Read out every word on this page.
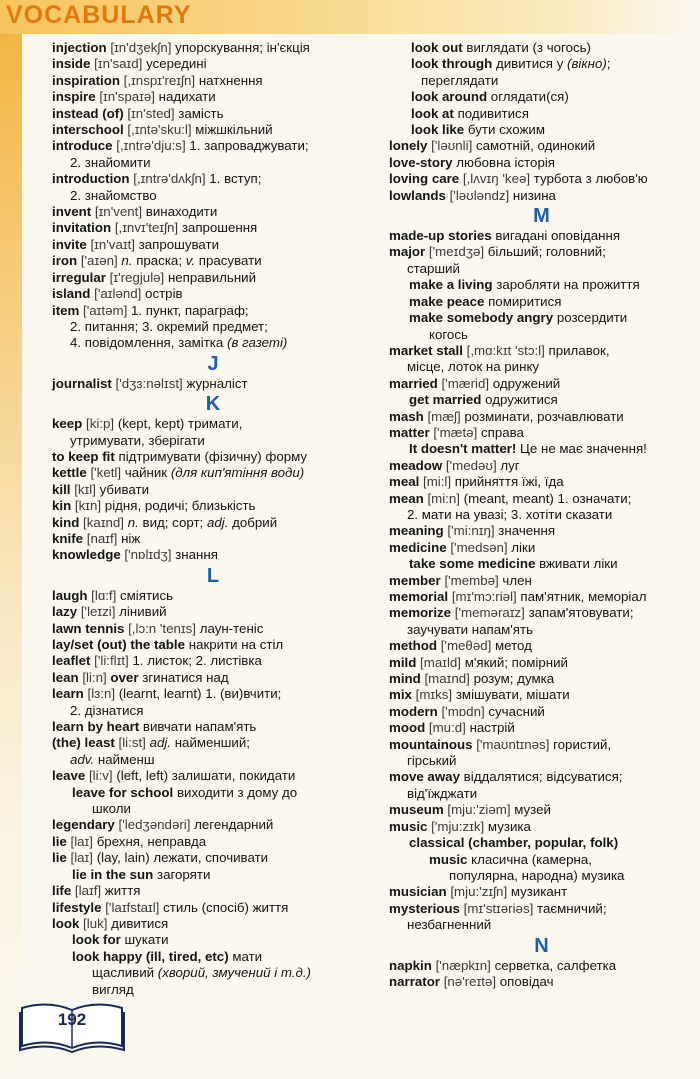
VOCABULARY
injection [ɪn'dʒekʃn] упорскування; ін'єкція
inside [ɪn'saɪd] усередині
inspiration [,ɪnspɪ'reɪʃn] натхнення
inspire [ɪn'spaɪə] надихати
instead (of) [ɪn'sted] замість
interschool [,ɪntə'sku:l] міжшкільний
introduce [,ɪntrə'dju:s] 1. запроваджувати;
2. знайомити
introduction [,ɪntrə'dʌkʃn] 1. вступ;
2. знайомство
invent [ɪn'vent] винаходити
invitation [,ɪnvɪ'teɪʃn] запрошення
invite [ɪn'vaɪt] запрошувати
iron ['aɪən] n. праска; v. прасувати
irregular [ɪ'regjulə] неправильний
island ['aɪlənd] острів
item ['aɪtəm] 1. пункт, параграф;
2. питання; 3. окремий предмет;
4. повідомлення, замітка (в газеті)
J
journalist ['dʒɜ:nəlɪst] журналіст
K
keep [ki:p] (kept, kept) тримати,
утримувати, зберігати
to keep fit підтримувати (фізичну) форму
kettle ['ketl] чайник (для кип'ятіння води)
kill [kɪl] убивати
kin [kɪn] рідня, родичі; близькість
kind [kaɪnd] n. вид; сорт; adj. добрий
knife [naɪf] ніж
knowledge ['nɒlɪdʒ] знання
L
laugh [lɑ:f] сміятись
lazy ['leɪzi] лінивий
lawn tennis [,lɔ:n 'tenɪs] лаун-теніс
lay/set (out) the table накрити на стіл
leaflet ['li:flɪt] 1. листок; 2. листівка
lean [li:n] over згинатися над
learn [lɜ:n] (learnt, learnt) 1. (ви)вчити;
2. дізнатися
learn by heart вивчати напам'ять
(the) least [li:st] adj. найменший;
adv. найменш
leave [li:v] (left, left) залишати, покидати
leave for school виходити з дому до
школи
legendary ['ledʒəndəri] легендарний
lie [laɪ] брехня, неправда
lie [laɪ] (lay, lain) лежати, спочивати
lie in the sun загоряти
life [laɪf] життя
lifestyle ['laɪfstaɪl] стиль (спосіб) життя
look [luk] дивитися
look for шукати
look happy (ill, tired, etc) мати
щасливий (хворий, змучений і т.д.)
вигляд
look out виглядати (з чогось)
look through дивитися у (вікно);
переглядати
look around оглядати(ся)
look at подивитися
look like бути схожим
lonely ['ləʊnli] самотній, одинокий
love-story любовна історія
loving care [,lʌvɪŋ 'keə] турбота з любов'ю
lowlands ['ləʊləndz] низина
M
made-up stories вигадані оповідання
major ['meɪdʒə] більший; головний;
старший
make a living заробляти на прожиття
make peace помиритися
make somebody angry розсердити
когось
market stall [,mɑ:kɪt 'stɔ:l] прилавок,
місце, лоток на ринку
married ['mærid] одружений
get married одружитися
mash [mæʃ] розминати, розчавлювати
matter ['mætə] справа
It doesn't matter! Це не має значення!
meadow ['medəʊ] луг
meal [mi:l] прийняття їжі, їда
mean [mi:n] (meant, meant) 1. означати;
2. мати на увазі; 3. хотіти сказати
meaning ['mi:nɪŋ] значення
medicine ['medsən] ліки
take some medicine вживати ліки
member ['membə] член
memorial [mɪ'mɔ:riəl] пам'ятник, меморіал
memorize ['meməraɪz] запам'ятовувати;
заучувати напам'ять
method ['meθəd] метод
mild [maɪld] м'який; помірний
mind [maɪnd] розум; думка
mix [mɪks] змішувати, мішати
modern ['mɒdn] сучасний
mood [mu:d] настрій
mountainous ['maʊntɪnəs] гористий,
гірський
move away віддалятися; відсуватися;
від'їжджати
museum [mju:'ziəm] музей
music ['mju:zɪk] музика
classical (chamber, popular, folk)
music класична (камерна,
популярна, народна) музика
musician [mju:'zɪʃn] музикант
mysterious [mɪ'stɪəriəs] таємничий;
незбагненний
N
napkin ['næpkɪn] серветка, салфетка
narrator [nə'reɪtə] оповідач
192
